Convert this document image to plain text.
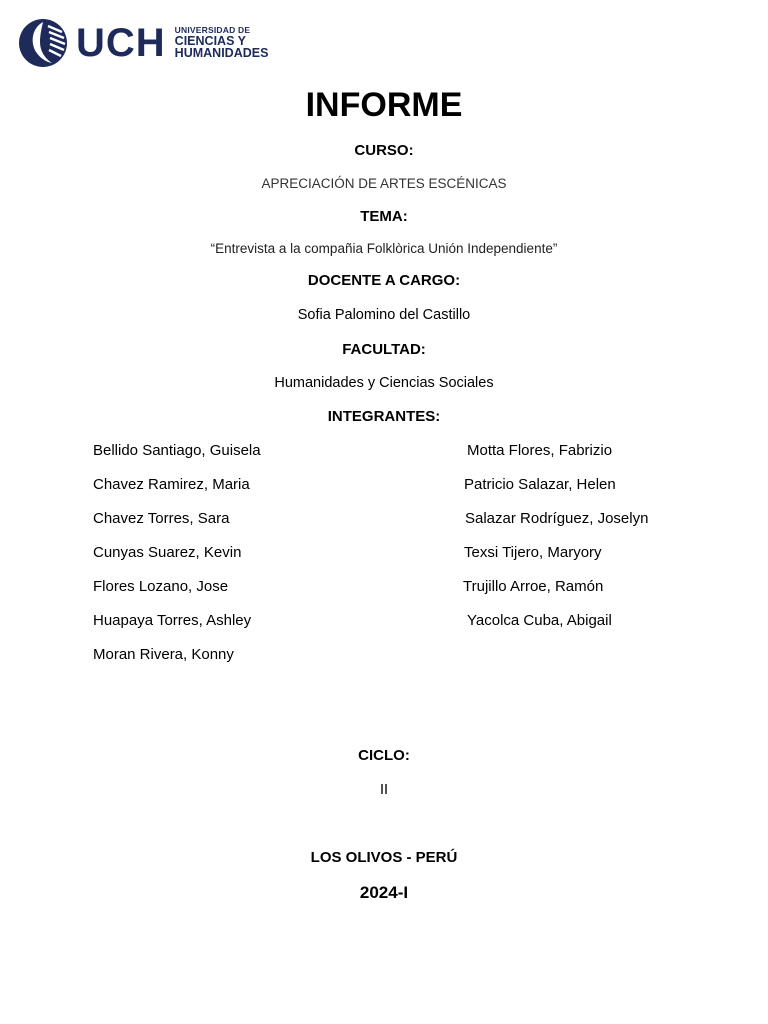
UCH UNIVERSIDAD DE
CIENCIAS Y
HUMANIDADES
INFORME
CURSO:
APRECIACIÓN DE ARTES ESCÉNICAS
TEMA:
“Entrevista a la compañia Folklòrica Unión Independiente”
DOCENTE A CARGO:
Sofia Palomino del Castillo
FACULTAD:
Humanidades y Ciencias Sociales
INTEGRANTES:
Bellido Santiago, Guisela
Chavez Ramirez, Maria
Chavez Torres, Sara
Cunyas Suarez, Kevin
Flores Lozano, Jose
Huapaya Torres, Ashley
Moran Rivera, Konny
Motta Flores, Fabrizio
Patricio Salazar, Helen
Salazar Rodríguez, Joselyn
Texsi Tijero, Maryory
Trujillo Arroe, Ramón
Yacolca Cuba, Abigail
CICLO:
II
LOS OLIVOS - PERÚ
2024-I
